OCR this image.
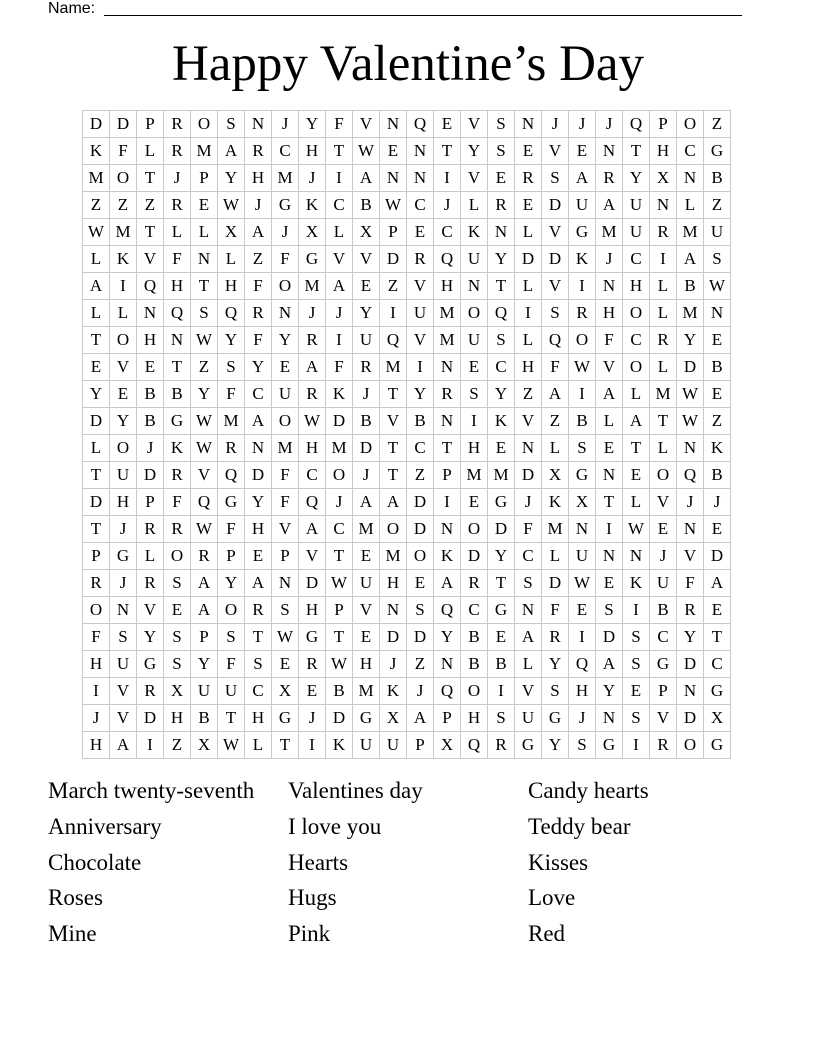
Name:
Happy Valentine’s Day
D D P R O S N	J	Y F V N Q E V S N	J	J	J	Q P O Z
K F	L R M A R C H T W E N T Y S	E V E N T H C G
M O T	J	P Y H M J	I	A N N	I	V E R S A R Y X N B
Z Z Z R E W J	G K C B W C	J	L R E D U A U N L Z
W M T L L X A	J	X L X P	E C K N L V G M U R M U
L K V F N L Z	F G V V D R Q U Y D D K	J	C	I	A S
A	I	Q H T H F O M A E Z V H N T L V	I	N H L B W
L L N Q S Q R N	J	J	Y	I	U M O Q	I	S R H O L M N
T O H N W Y F Y R	I	U Q V M U S	L Q O F C R Y E
E V E T Z	S Y E A F R M I	N E C H F W V O L D B
Y E B B Y F C U R K	J	T Y R S Y Z A	I	A L M W E
D Y B G W M A O W D B V B N	I	K V Z B L A T W Z
L O	J	K W R N M H M D T C T H E N L	S	E T L N K
T U D R V Q D F C O	J	T Z	P M M D X G N E O Q B
D H P	F Q G Y F Q	J	A A D	I	E G	J	K X T L V	J	J
T	J	R R W F H V A C M O D N O D F M N	I W E N E
P G L O R P	E	P V T E M O K D Y C L U N N	J	V D
R	J	R S A Y A N D W U H E A R T	S D W E K U F A
O N V E A O R S H P V N S Q C G N F	E	S	I	B R E
F	S Y S	P	S	T W G T E D D Y B E A R	I	D S C Y T
H U G S Y F	S	E R W H	J	Z N B B L Y Q A S G D C
I	V R X U U C X E B M K	J	Q O	I	V S H Y E	P N G
J	V D H B T H G	J	D G X A P H S U G	J	N S V D X
H A	I	Z X W L T	I	K U U P X Q R G Y S G	I	R O G
March twenty-seventh	Valentines day	Candy hearts
Anniversary	I love you	Teddy bear
Chocolate	Hearts	Kisses
Roses	Hugs	Love
Mine	Pink	Red
